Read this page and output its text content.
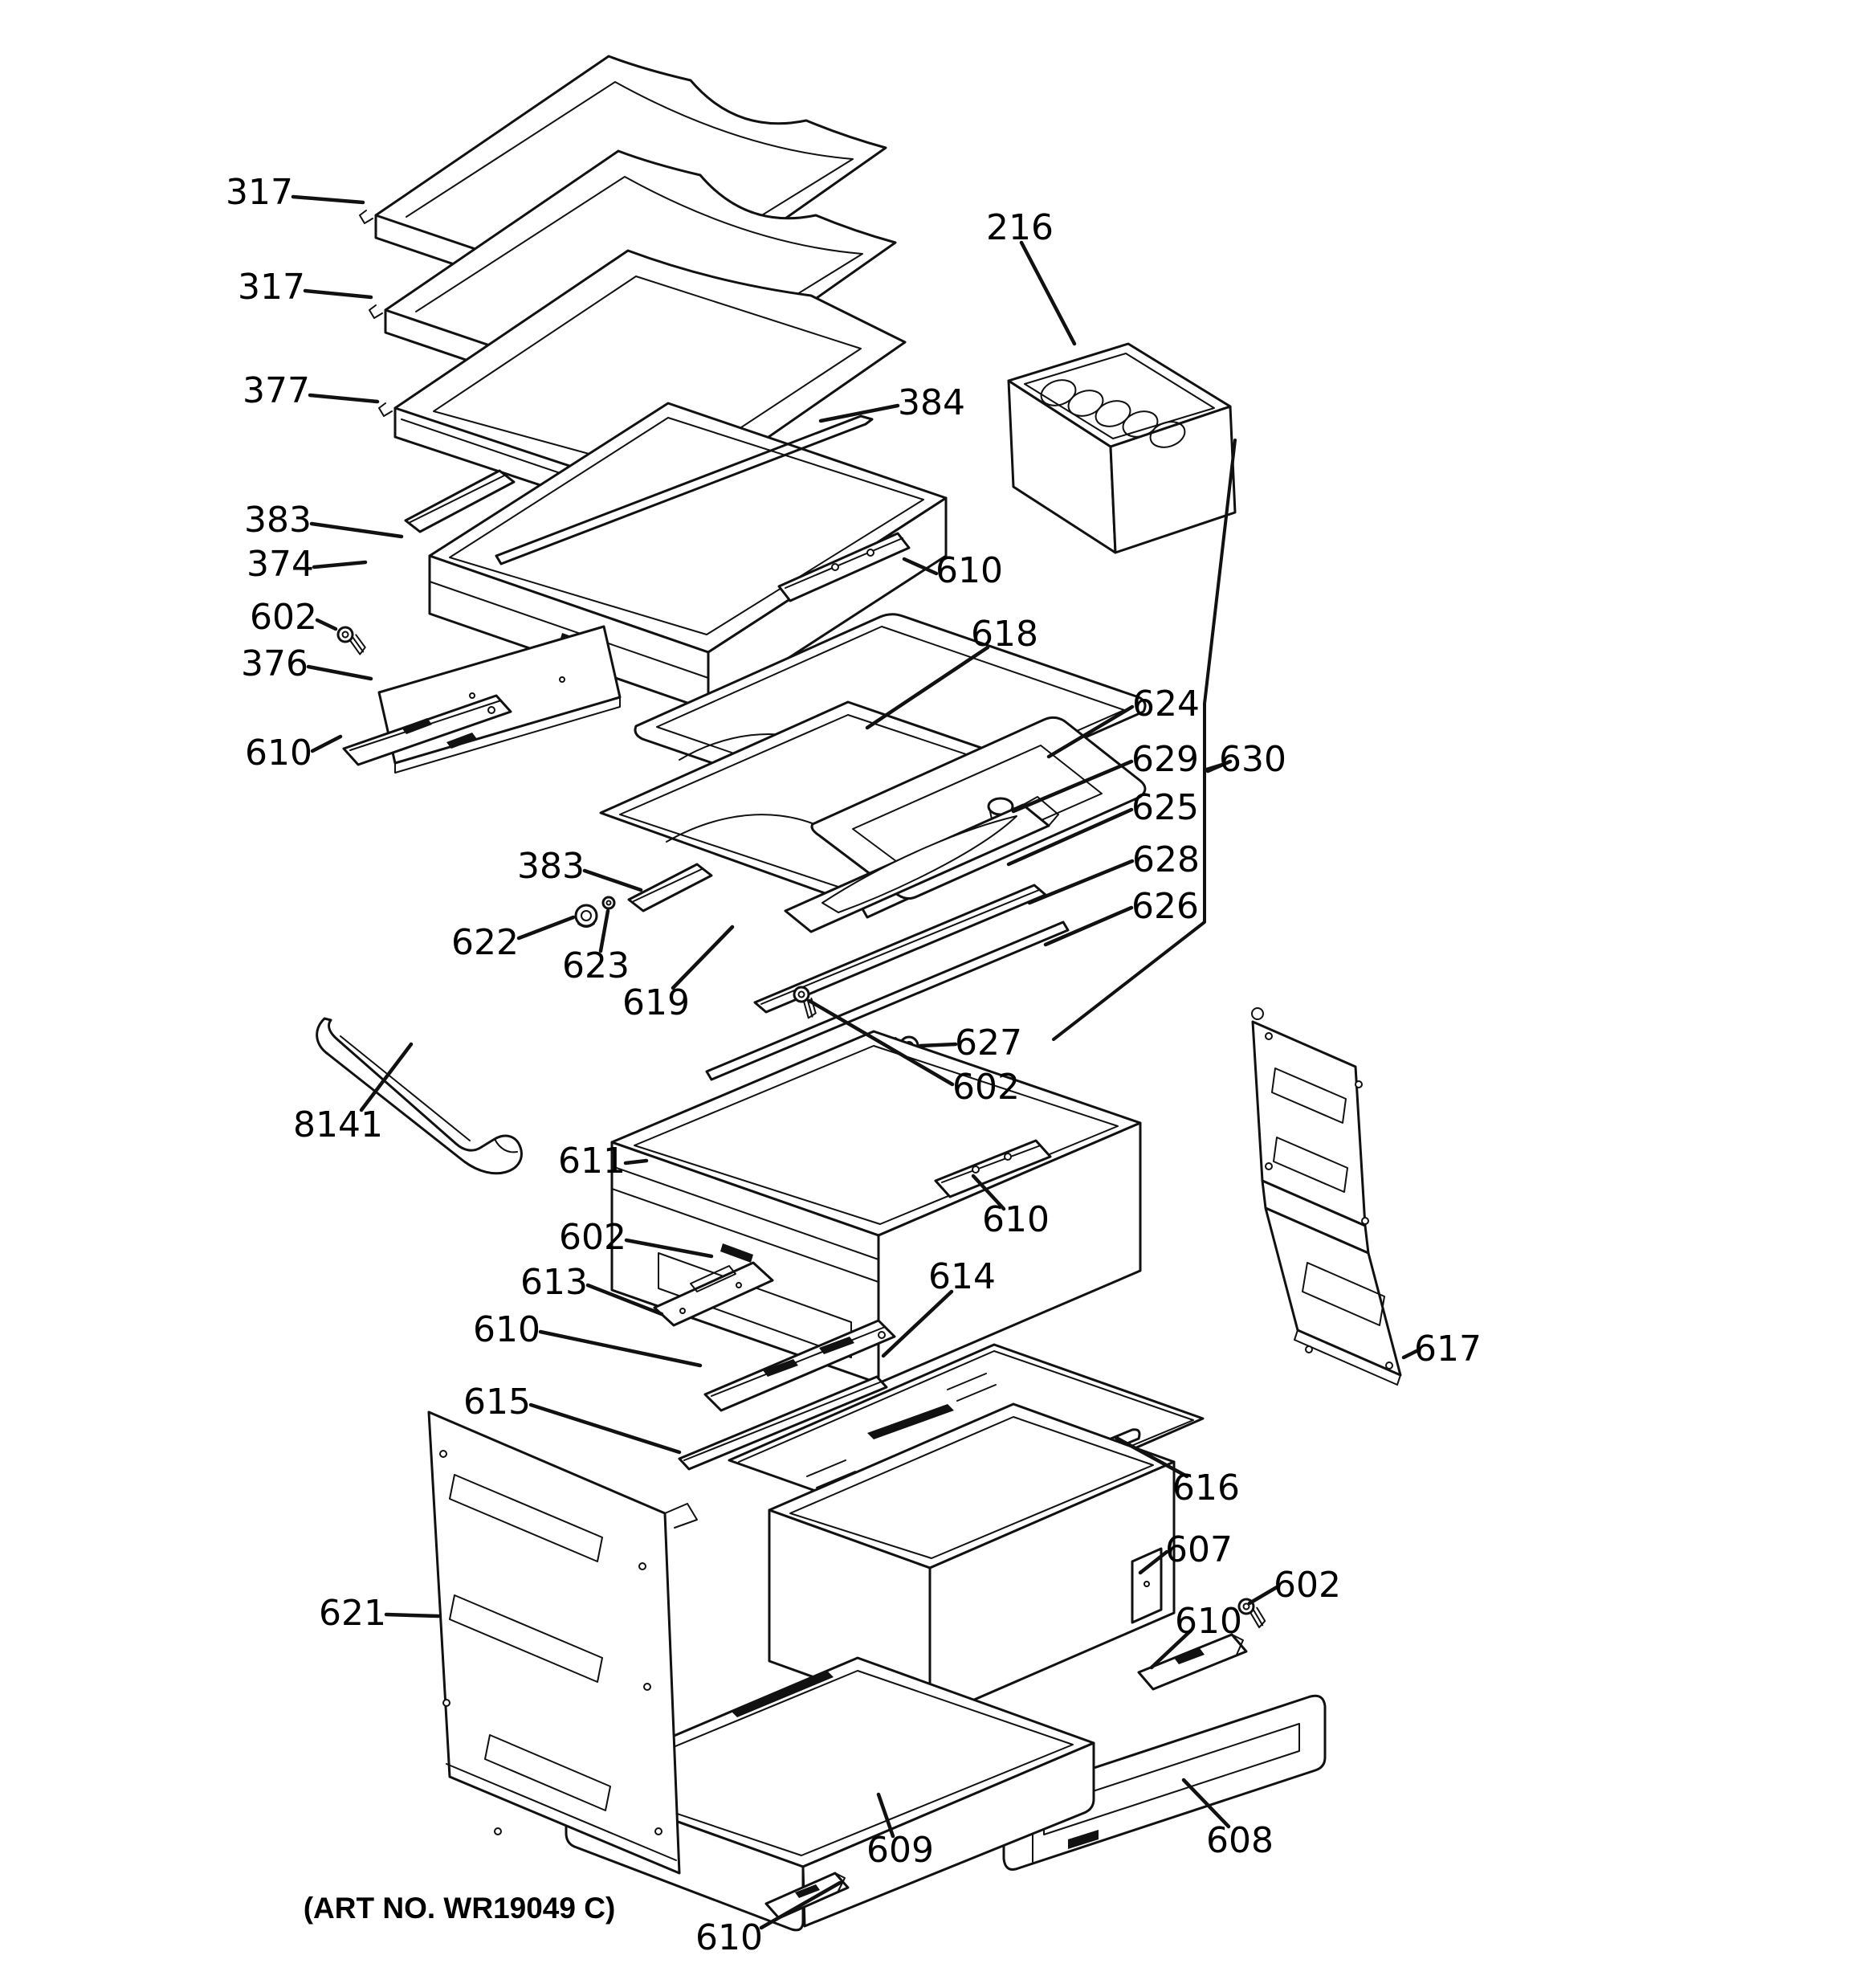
317
317
377
383
374
602
376
610
216
384
610
618
624
629 630
625
628
626
627
602
383
622
623
619
8141
611
602
613
610
615
614
610
616
607
610
602
608
609
610
621
617
(ART NO. WR19049 C)
